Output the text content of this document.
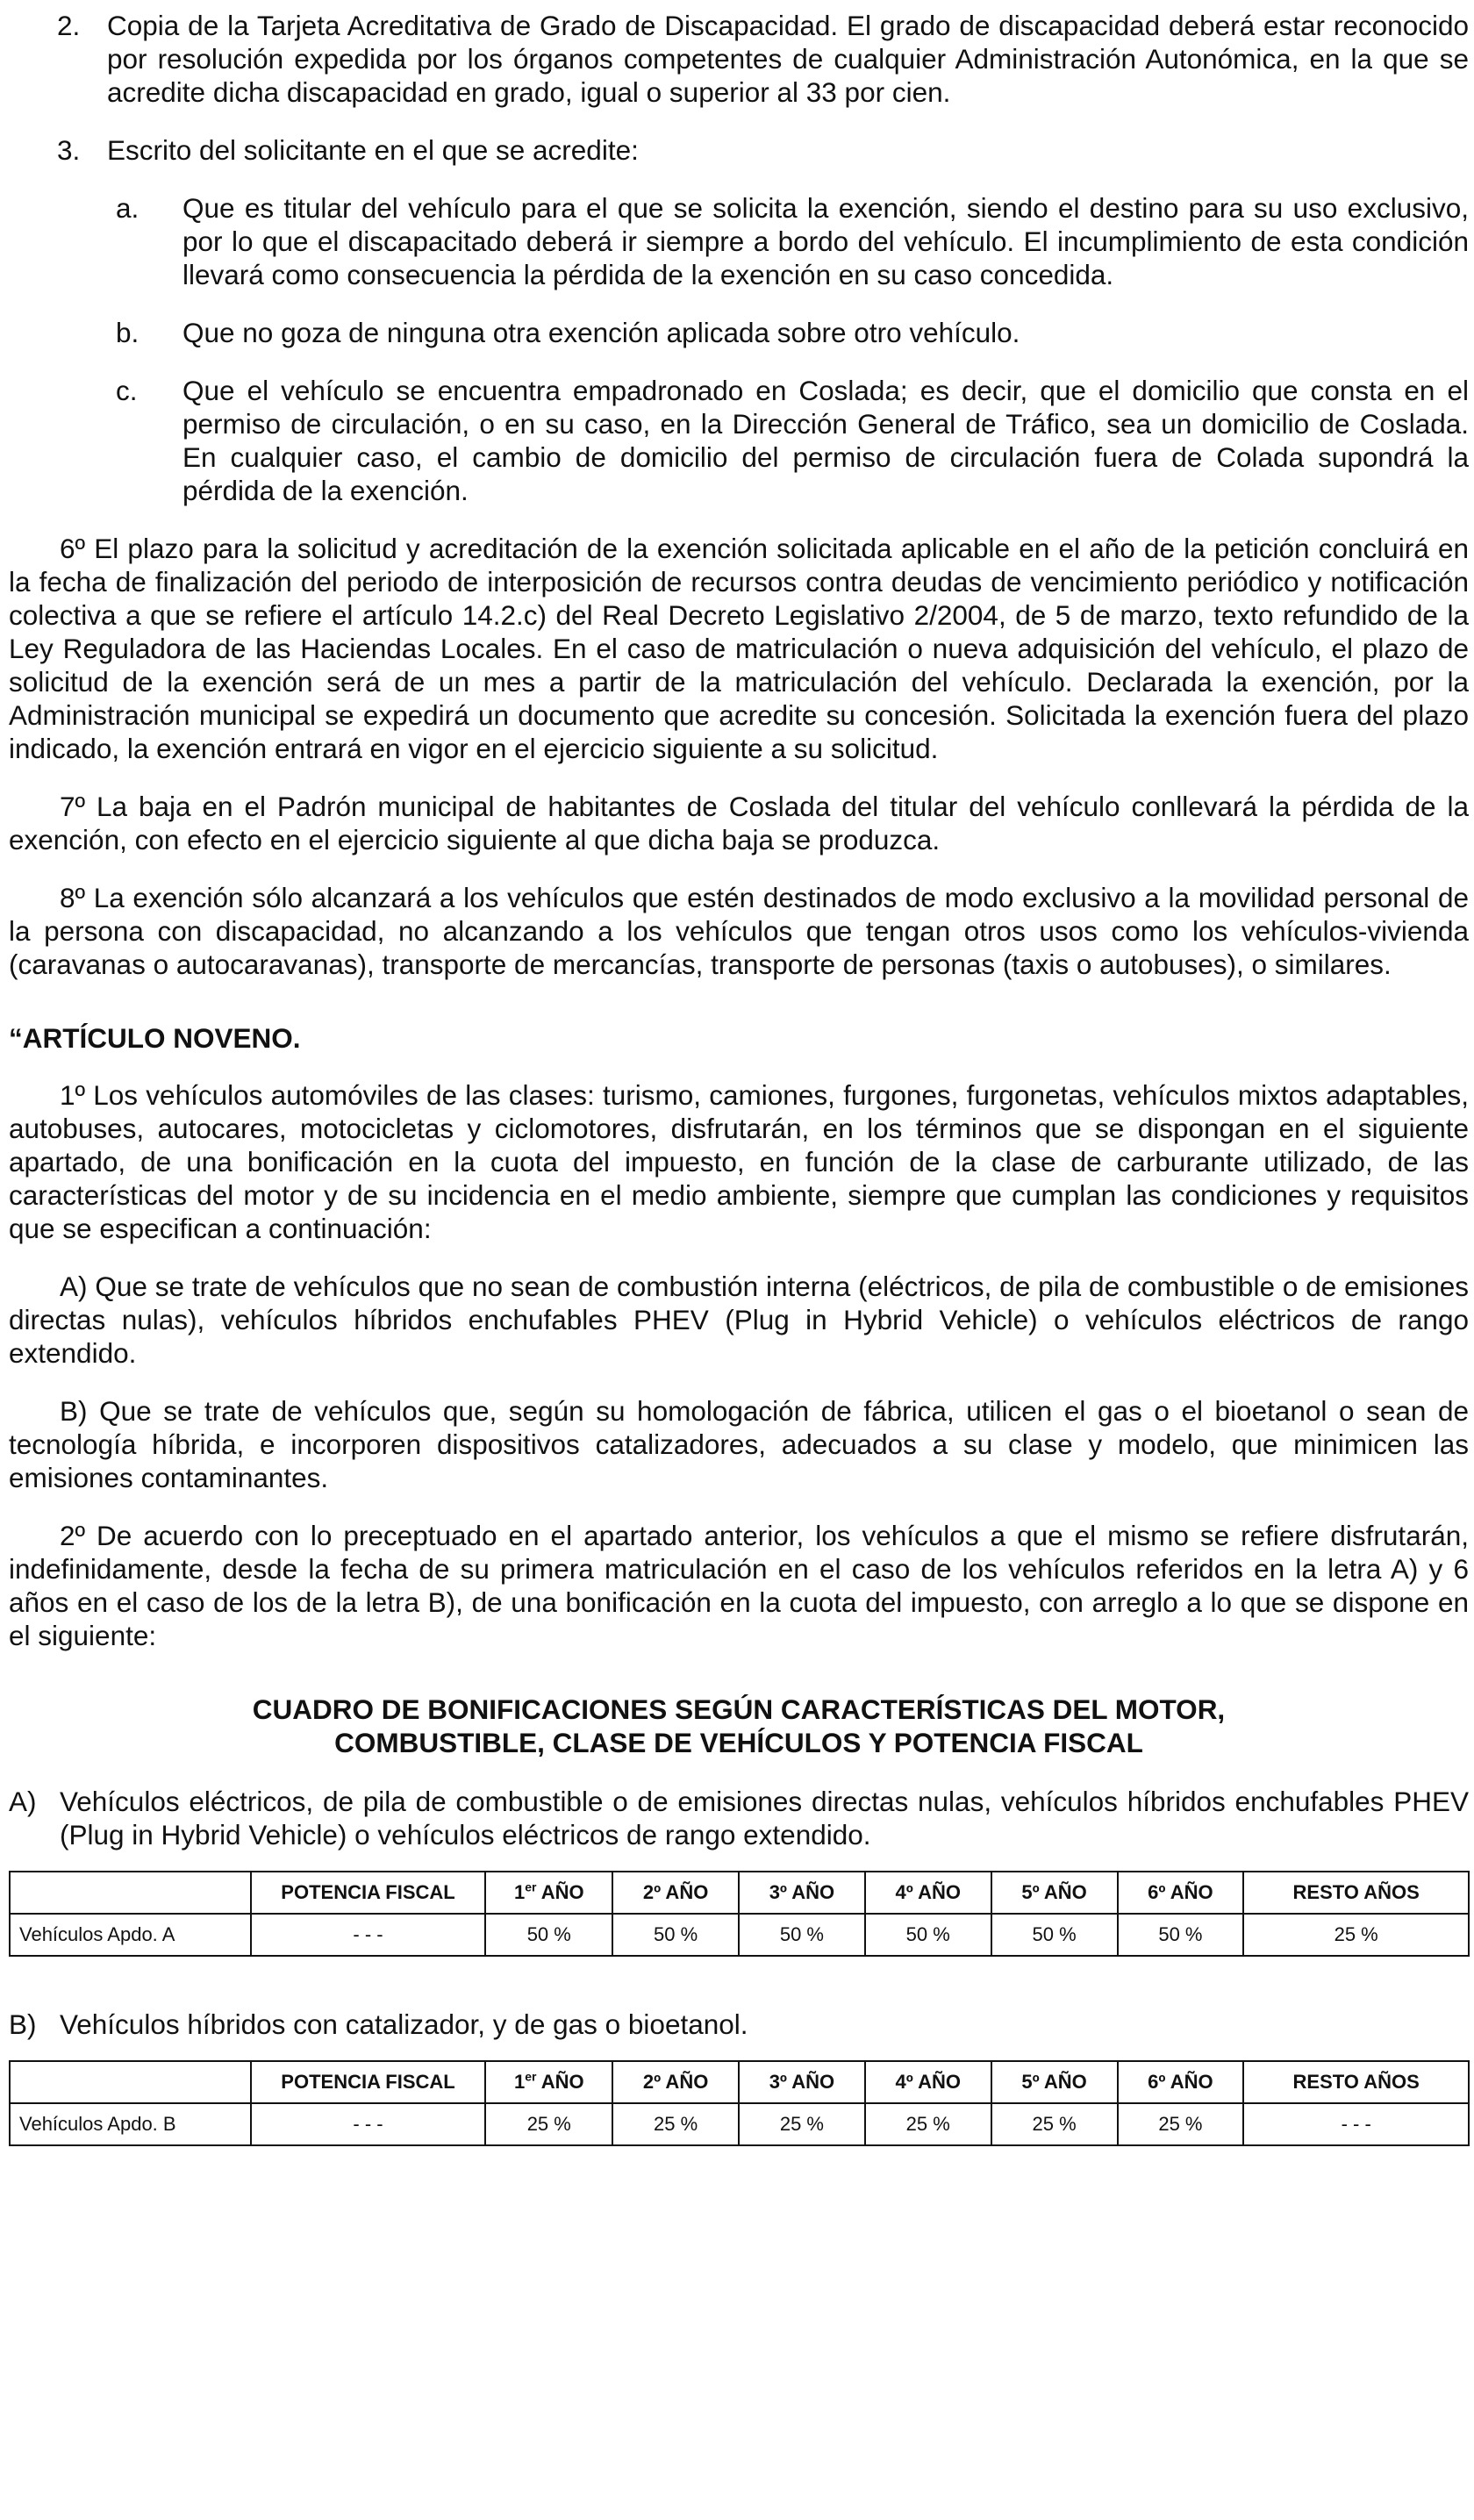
2. Copia de la Tarjeta Acreditativa de Grado de Discapacidad. El grado de discapacidad deberá estar reconocido por resolución expedida por los órganos competentes de cualquier Administración Autonómica, en la que se acredite dicha discapacidad en grado, igual o superior al 33 por cien.
3. Escrito del solicitante en el que se acredite:
a.	Que es titular del vehículo para el que se solicita la exención, siendo el destino para su uso exclusivo, por lo que el discapacitado deberá ir siempre a bordo del vehículo. El incumplimiento de esta condición llevará como consecuencia la pérdida de la exención en su caso concedida.
b.	Que no goza de ninguna otra exención aplicada sobre otro vehículo.
c.	Que el vehículo se encuentra empadronado en Coslada; es decir, que el domicilio que consta en el permiso de circulación, o en su caso, en la Dirección General de Tráfico, sea un domicilio de Coslada. En cualquier caso, el cambio de domicilio del permiso de circulación fuera de Colada supondrá la pérdida de la exención.

6º El plazo para la solicitud y acreditación de la exención solicitada aplicable en el año de la petición concluirá en la fecha de finalización del periodo de interposición de recursos contra deudas de vencimiento periódico y notificación colectiva a que se refiere el artículo 14.2.c) del Real Decreto Legislativo 2/2004, de 5 de marzo, texto refundido de la Ley Reguladora de las Haciendas Locales. En el caso de matriculación o nueva adquisición del vehículo, el plazo de solicitud de la exención será de un mes a partir de la matriculación del vehículo. Declarada la exención, por la Administración municipal se expedirá un documento que acredite su concesión. Solicitada la exención fuera del plazo indicado, la exención entrará en vigor en el ejercicio siguiente a su solicitud.

7º La baja en el Padrón municipal de habitantes de Coslada del titular del vehículo conllevará la pérdida de la exención, con efecto en el ejercicio siguiente al que dicha baja se produzca.

8º La exención sólo alcanzará a los vehículos que estén destinados de modo exclusivo a la movilidad personal de la persona con discapacidad, no alcanzando a los vehículos que tengan otros usos como los vehículos-vivienda (caravanas o autocaravanas), transporte de mercancías, transporte de personas (taxis o autobuses), o similares.

“ARTÍCULO NOVENO.

1º Los vehículos automóviles de las clases: turismo, camiones, furgones, furgonetas, vehículos mixtos adaptables, autobuses, autocares, motocicletas y ciclomotores, disfrutarán, en los términos que se dispongan en el siguiente apartado, de una bonificación en la cuota del impuesto, en función de la clase de carburante utilizado, de las características del motor y de su incidencia en el medio ambiente, siempre que cumplan las condiciones y requisitos que se especifican a continuación:

A) Que se trate de vehículos que no sean de combustión interna (eléctricos, de pila de combustible o de emisiones directas nulas), vehículos híbridos enchufables PHEV (Plug in Hybrid Vehicle) o vehículos eléctricos de rango extendido.

B) Que se trate de vehículos que, según su homologación de fábrica, utilicen el gas o el bioetanol o sean de tecnología híbrida, e incorporen dispositivos catalizadores, adecuados a su clase y modelo, que minimicen las emisiones contaminantes.

2º De acuerdo con lo preceptuado en el apartado anterior, los vehículos a que el mismo se refiere disfrutarán, indefinidamente, desde la fecha de su primera matriculación en el caso de los vehículos referidos en la letra A) y 6 años en el caso de los de la letra B), de una bonificación en la cuota del impuesto, con arreglo a lo que se dispone en el siguiente:

CUADRO DE BONIFICACIONES SEGÚN CARACTERÍSTICAS DEL MOTOR,
COMBUSTIBLE, CLASE DE VEHÍCULOS Y POTENCIA FISCAL
A) Vehículos eléctricos, de pila de combustible o de emisiones directas nulas, vehículos híbridos enchufables PHEV (Plug in Hybrid Vehicle) o vehículos eléctricos de rango extendido.
	POTENCIA FISCAL	1er AÑO	2º AÑO	3º AÑO	4º AÑO	5º AÑO	6º AÑO	RESTO AÑOS
Vehículos Apdo. A	- - -	50 %	50 %	50 %	50 %	50 %	50 %	25 %
B) Vehículos híbridos con catalizador, y de gas o bioetanol.
	POTENCIA FISCAL	1er AÑO	2º AÑO	3º AÑO	4º AÑO	5º AÑO	6º AÑO	RESTO AÑOS
Vehículos Apdo. B	- - -	25 %	25 %	25 %	25 %	25 %	25 %	- - -
